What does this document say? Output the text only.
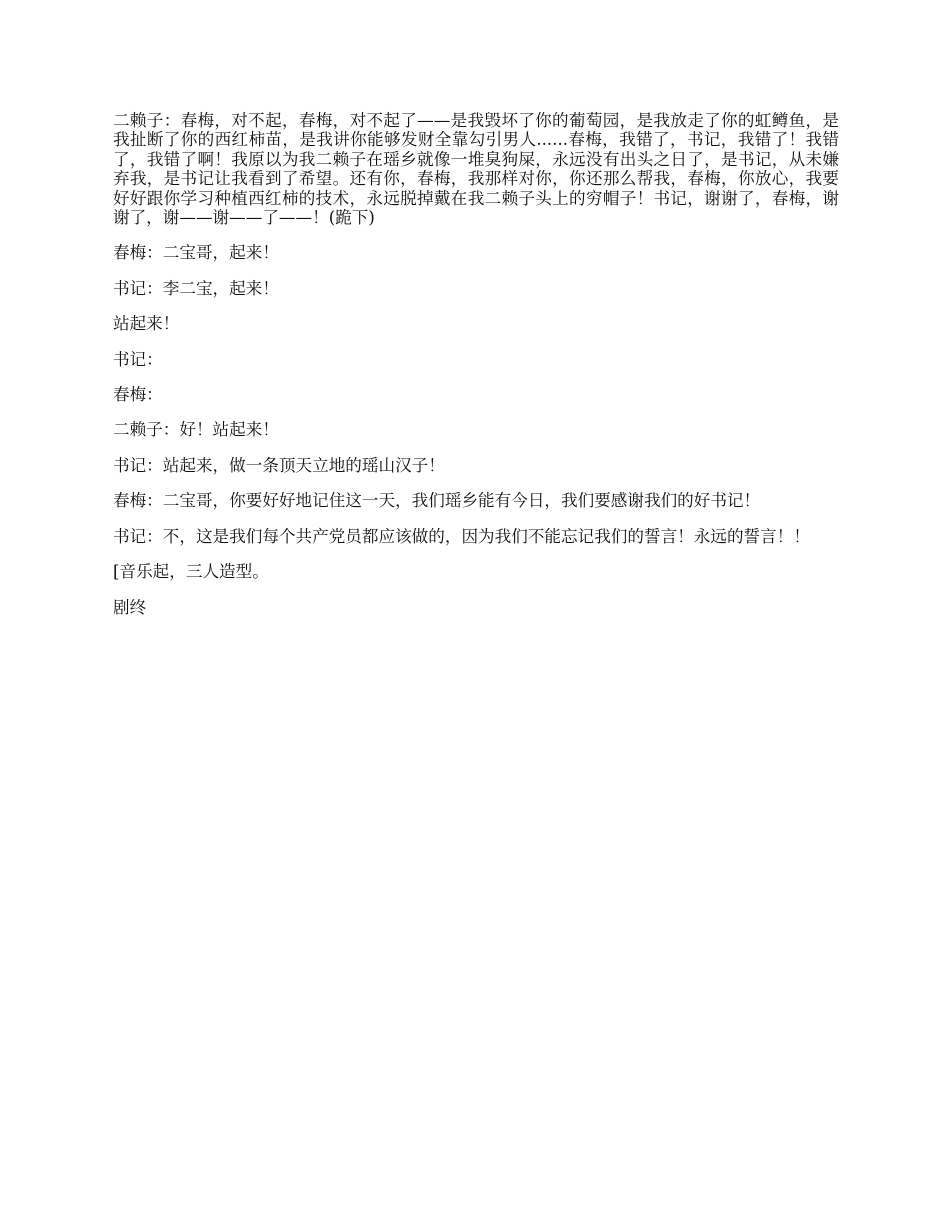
二赖子：春梅，对不起，春梅，对不起了——是我毁坏了你的葡萄园，是我放走了你的虹鳟鱼，是我扯断了你的西红柿苗，是我讲你能够发财全靠勾引男人......春梅，我错了，书记，我错了！我错了，我错了啊！我原以为我二赖子在瑶乡就像一堆臭狗屎，永远没有出头之日了，是书记，从未嫌弃我，是书记让我看到了希望。还有你，春梅，我那样对你，你还那么帮我，春梅，你放心，我要好好跟你学习种植西红柿的技术，永远脱掉戴在我二赖子头上的穷帽子！书记，谢谢了，春梅，谢谢了，谢——谢——了——！(跪下)

春梅：二宝哥，起来！

书记：李二宝，起来！

站起来！

书记：

春梅：

二赖子：好！站起来！

书记：站起来，做一条顶天立地的瑶山汉子！

春梅：二宝哥，你要好好地记住这一天，我们瑶乡能有今日，我们要感谢我们的好书记！

书记：不，这是我们每个共产党员都应该做的，因为我们不能忘记我们的誓言！永远的誓言！！

[音乐起，三人造型。

剧终
